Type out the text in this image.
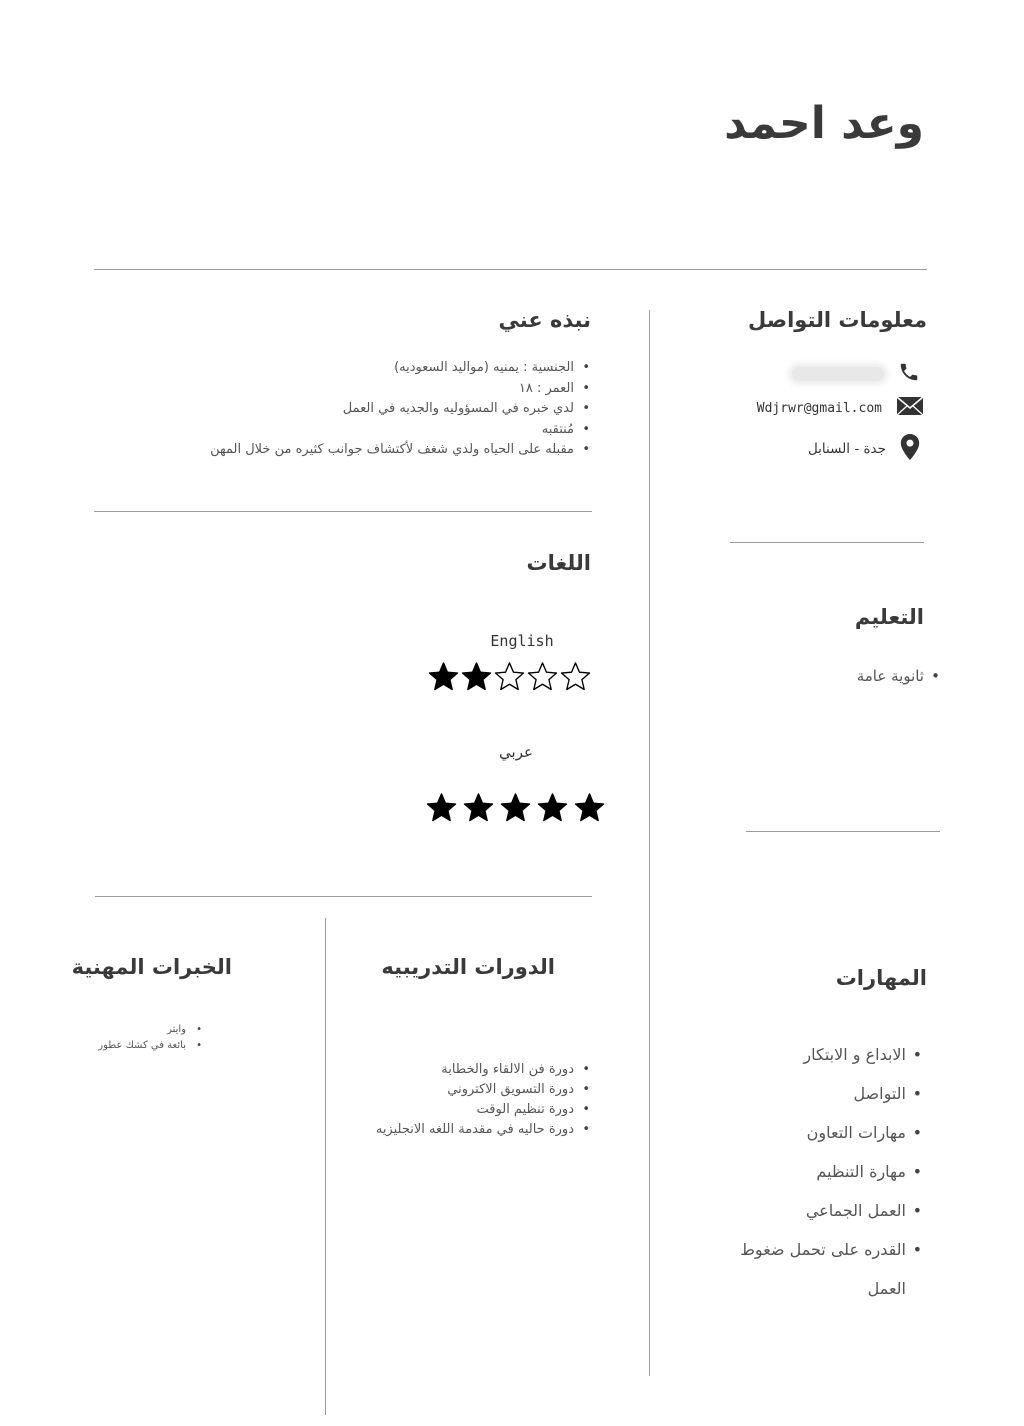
وعد احمد
معلومات التواصل
Wdjrwr@gmail.com
جدة - السنابل
نبذه عني
• الجنسية : يمنيه (مواليد السعوديه)
• العمر : ١٨
• لدي خبره في المسؤوليه والجديه في العمل
• مُنتقبه
• مقبله على الحياه ولدي شغف لأكتشاف جوانب كثيره من خلال المهن
اللغات
English
عربي
التعليم
• ثانوية عامة
المهارات
• الابداع و الابتكار
• التواصل
• مهارات التعاون
• مهارة التنظيم
• العمل الجماعي
• القدره على تحمل ضغوط العمل
الدورات التدريبيه
• دورة فن الالقاء والخطابة
• دورة التسويق الاكتروني
• دورة تنظيم الوقت
• دورة حاليه في مقدمة اللغه الانجليزيه
الخبرات المهنية
• وايتر
• بائعة في كشك عطور
